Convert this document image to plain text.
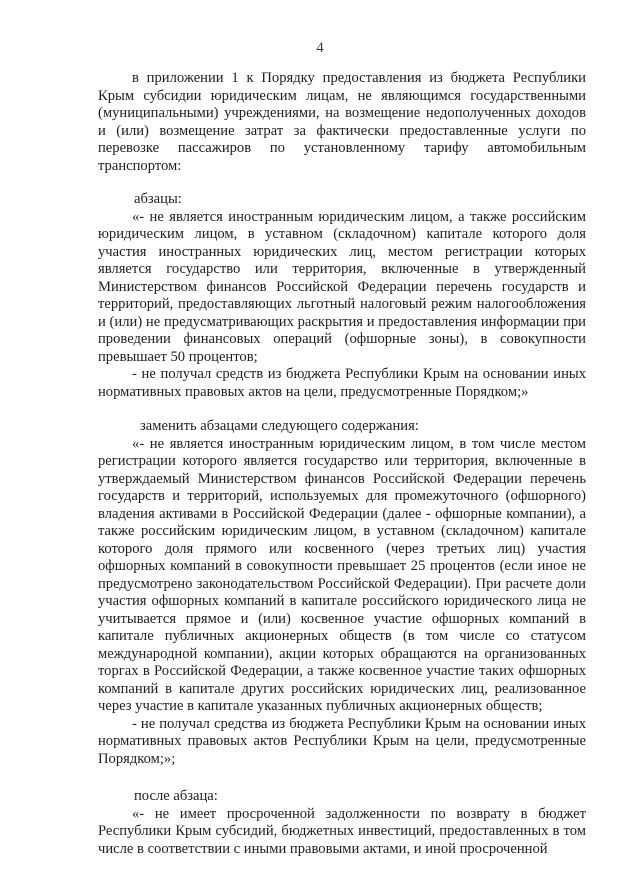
4

в приложении 1 к Порядку предоставления из бюджета Республики Крым субсидии юридическим лицам, не являющимся государственными (муниципальными) учреждениями, на возмещение недополученных доходов и (или) возмещение затрат за фактически предоставленные услуги по перевозке пассажиров по установленному тарифу автомобильным транспортом:

абзацы:

«- не является иностранным юридическим лицом, а также российским юридическим лицом, в уставном (складочном) капитале которого доля участия иностранных юридических лиц, местом регистрации которых является государство или территория, включенные в утвержденный Министерством финансов Российской Федерации перечень государств и территорий, предоставляющих льготный налоговый режим налогообложения и (или) не предусматривающих раскрытия и предоставления информации при проведении финансовых операций (офшорные зоны), в совокупности превышает 50 процентов;

- не получал средств из бюджета Республики Крым на основании иных нормативных правовых актов на цели, предусмотренные Порядком;»

заменить абзацами следующего содержания:

«- не является иностранным юридическим лицом, в том числе местом регистрации которого является государство или территория, включенные в утверждаемый Министерством финансов Российской Федерации перечень государств и территорий, используемых для промежуточного (офшорного) владения активами в Российской Федерации (далее - офшорные компании), а также российским юридическим лицом, в уставном (складочном) капитале которого доля прямого или косвенного (через третьих лиц) участия офшорных компаний в совокупности превышает 25 процентов (если иное не предусмотрено законодательством Российской Федерации). При расчете доли участия офшорных компаний в капитале российского юридического лица не учитывается прямое и (или) косвенное участие офшорных компаний в капитале публичных акционерных обществ (в том числе со статусом международной компании), акции которых обращаются на организованных торгах в Российской Федерации, а также косвенное участие таких офшорных компаний в капитале других российских юридических лиц, реализованное через участие в капитале указанных публичных акционерных обществ;

- не получал средства из бюджета Республики Крым на основании иных нормативных правовых актов Республики Крым на цели, предусмотренные Порядком;»;

после абзаца:

«- не имеет просроченной задолженности по возврату в бюджет Республики Крым субсидий, бюджетных инвестиций, предоставленных в том числе в соответствии с иными правовыми актами, и иной просроченной
